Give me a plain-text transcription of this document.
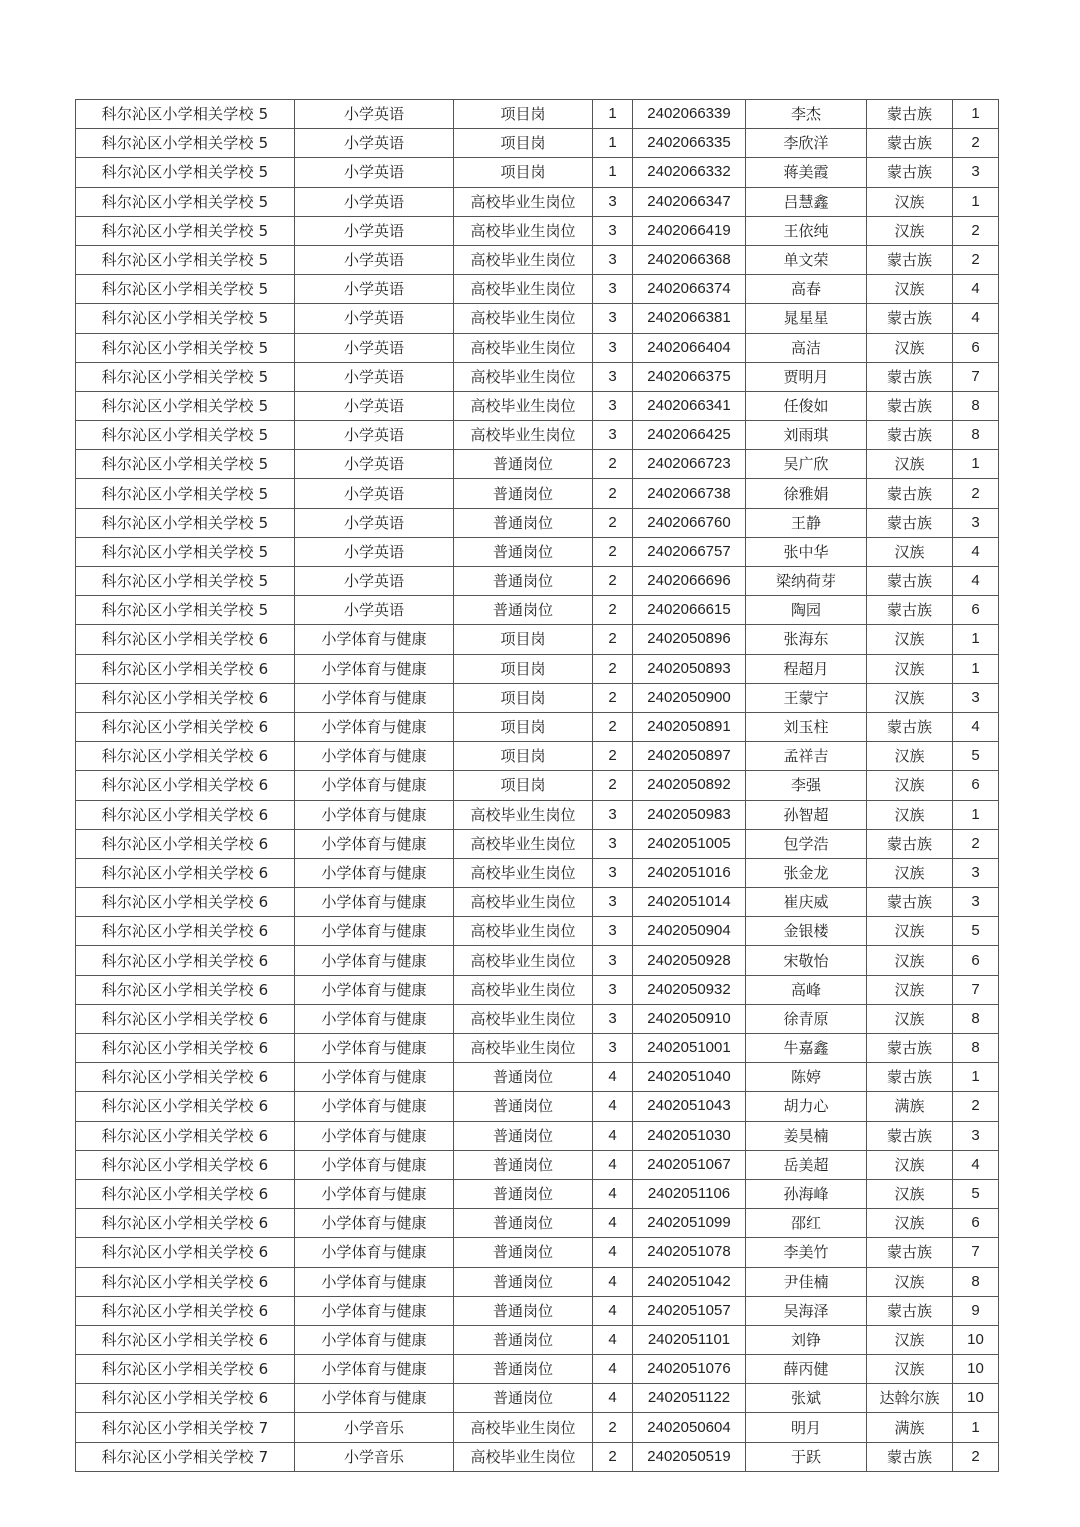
科尔沁区小学相关学校 5	小学英语	项目岗	1	2402066339	李杰	蒙古族	1
科尔沁区小学相关学校 5	小学英语	项目岗	1	2402066335	李欣洋	蒙古族	2
科尔沁区小学相关学校 5	小学英语	项目岗	1	2402066332	蒋美霞	蒙古族	3
科尔沁区小学相关学校 5	小学英语	高校毕业生岗位	3	2402066347	吕慧鑫	汉族	1
科尔沁区小学相关学校 5	小学英语	高校毕业生岗位	3	2402066419	王依纯	汉族	2
科尔沁区小学相关学校 5	小学英语	高校毕业生岗位	3	2402066368	单文荣	蒙古族	2
科尔沁区小学相关学校 5	小学英语	高校毕业生岗位	3	2402066374	高春	汉族	4
科尔沁区小学相关学校 5	小学英语	高校毕业生岗位	3	2402066381	晁星星	蒙古族	4
科尔沁区小学相关学校 5	小学英语	高校毕业生岗位	3	2402066404	高洁	汉族	6
科尔沁区小学相关学校 5	小学英语	高校毕业生岗位	3	2402066375	贾明月	蒙古族	7
科尔沁区小学相关学校 5	小学英语	高校毕业生岗位	3	2402066341	任俊如	蒙古族	8
科尔沁区小学相关学校 5	小学英语	高校毕业生岗位	3	2402066425	刘雨琪	蒙古族	8
科尔沁区小学相关学校 5	小学英语	普通岗位	2	2402066723	吴广欣	汉族	1
科尔沁区小学相关学校 5	小学英语	普通岗位	2	2402066738	徐雅娟	蒙古族	2
科尔沁区小学相关学校 5	小学英语	普通岗位	2	2402066760	王静	蒙古族	3
科尔沁区小学相关学校 5	小学英语	普通岗位	2	2402066757	张中华	汉族	4
科尔沁区小学相关学校 5	小学英语	普通岗位	2	2402066696	梁纳荷芽	蒙古族	4
科尔沁区小学相关学校 5	小学英语	普通岗位	2	2402066615	陶园	蒙古族	6
科尔沁区小学相关学校 6	小学体育与健康	项目岗	2	2402050896	张海东	汉族	1
科尔沁区小学相关学校 6	小学体育与健康	项目岗	2	2402050893	程超月	汉族	1
科尔沁区小学相关学校 6	小学体育与健康	项目岗	2	2402050900	王蒙宁	汉族	3
科尔沁区小学相关学校 6	小学体育与健康	项目岗	2	2402050891	刘玉柱	蒙古族	4
科尔沁区小学相关学校 6	小学体育与健康	项目岗	2	2402050897	孟祥吉	汉族	5
科尔沁区小学相关学校 6	小学体育与健康	项目岗	2	2402050892	李强	汉族	6
科尔沁区小学相关学校 6	小学体育与健康	高校毕业生岗位	3	2402050983	孙智超	汉族	1
科尔沁区小学相关学校 6	小学体育与健康	高校毕业生岗位	3	2402051005	包学浩	蒙古族	2
科尔沁区小学相关学校 6	小学体育与健康	高校毕业生岗位	3	2402051016	张金龙	汉族	3
科尔沁区小学相关学校 6	小学体育与健康	高校毕业生岗位	3	2402051014	崔庆威	蒙古族	3
科尔沁区小学相关学校 6	小学体育与健康	高校毕业生岗位	3	2402050904	金银楼	汉族	5
科尔沁区小学相关学校 6	小学体育与健康	高校毕业生岗位	3	2402050928	宋敬怡	汉族	6
科尔沁区小学相关学校 6	小学体育与健康	高校毕业生岗位	3	2402050932	高峰	汉族	7
科尔沁区小学相关学校 6	小学体育与健康	高校毕业生岗位	3	2402050910	徐青原	汉族	8
科尔沁区小学相关学校 6	小学体育与健康	高校毕业生岗位	3	2402051001	牛嘉鑫	蒙古族	8
科尔沁区小学相关学校 6	小学体育与健康	普通岗位	4	2402051040	陈婷	蒙古族	1
科尔沁区小学相关学校 6	小学体育与健康	普通岗位	4	2402051043	胡力心	满族	2
科尔沁区小学相关学校 6	小学体育与健康	普通岗位	4	2402051030	姜昊楠	蒙古族	3
科尔沁区小学相关学校 6	小学体育与健康	普通岗位	4	2402051067	岳美超	汉族	4
科尔沁区小学相关学校 6	小学体育与健康	普通岗位	4	2402051106	孙海峰	汉族	5
科尔沁区小学相关学校 6	小学体育与健康	普通岗位	4	2402051099	邵红	汉族	6
科尔沁区小学相关学校 6	小学体育与健康	普通岗位	4	2402051078	李美竹	蒙古族	7
科尔沁区小学相关学校 6	小学体育与健康	普通岗位	4	2402051042	尹佳楠	汉族	8
科尔沁区小学相关学校 6	小学体育与健康	普通岗位	4	2402051057	吴海泽	蒙古族	9
科尔沁区小学相关学校 6	小学体育与健康	普通岗位	4	2402051101	刘铮	汉族	10
科尔沁区小学相关学校 6	小学体育与健康	普通岗位	4	2402051076	薛丙健	汉族	10
科尔沁区小学相关学校 6	小学体育与健康	普通岗位	4	2402051122	张斌	达斡尔族	10
科尔沁区小学相关学校 7	小学音乐	高校毕业生岗位	2	2402050604	明月	满族	1
科尔沁区小学相关学校 7	小学音乐	高校毕业生岗位	2	2402050519	于跃	蒙古族	2
